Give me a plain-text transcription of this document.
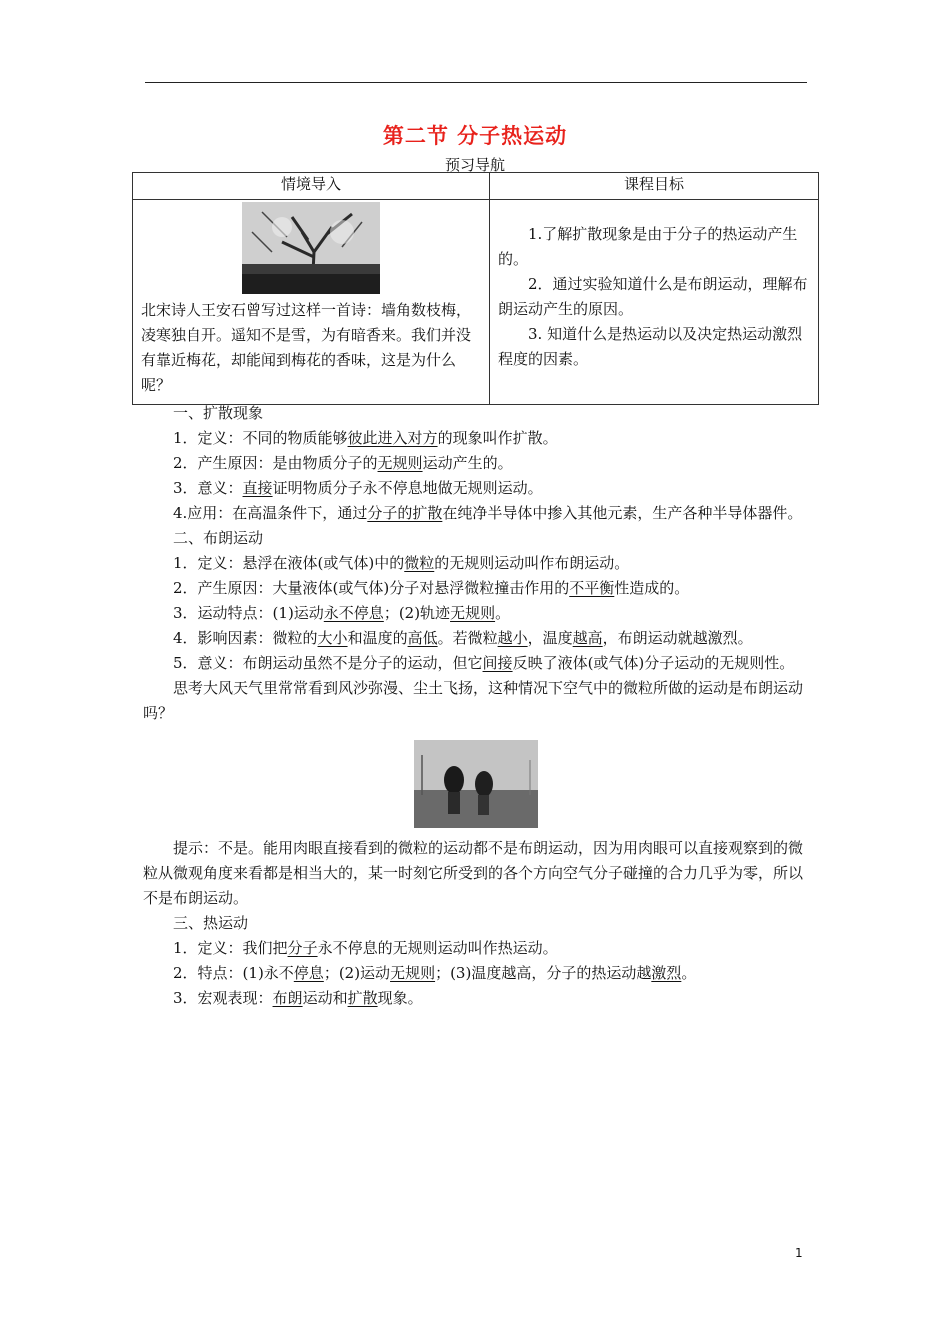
第二节 分子热运动
预习导航
情境导入	课程目标

北宋诗人王安石曾写过这样一首诗：墙角数枝梅，凌寒独自开。遥知不是雪，为有暗香来。我们并没有靠近梅花，却能闻到梅花的香味，这是为什么呢？	1.了解扩散现象是由于分子的热运动产生的。

2．通过实验知道什么是布朗运动，理解布朗运动产生的原因。

3. 知道什么是热运动以及决定热运动激烈程度的因素。

一、扩散现象

1．定义：不同的物质能够彼此进入对方的现象叫作扩散。

2．产生原因：是由物质分子的无规则运动产生的。

3．意义：直接证明物质分子永不停息地做无规则运动。

4.应用：在高温条件下，通过分子的扩散在纯净半导体中掺入其他元素，生产各种半导体器件。

二、布朗运动

1．定义：悬浮在液体(或气体)中的微粒的无规则运动叫作布朗运动。

2．产生原因：大量液体(或气体)分子对悬浮微粒撞击作用的不平衡性造成的。

3．运动特点：(1)运动永不停息；(2)轨迹无规则。

4．影响因素：微粒的大小和温度的高低。若微粒越小，温度越高，布朗运动就越激烈。

5．意义：布朗运动虽然不是分子的运动，但它间接反映了液体(或气体)分子运动的无规则性。

思考大风天气里常常看到风沙弥漫、尘土飞扬，这种情况下空气中的微粒所做的运动是布朗运动吗？

提示：不是。能用肉眼直接看到的微粒的运动都不是布朗运动，因为用肉眼可以直接观察到的微粒从微观角度来看都是相当大的，某一时刻它所受到的各个方向空气分子碰撞的合力几乎为零，所以不是布朗运动。

三、热运动

1．定义：我们把分子永不停息的无规则运动叫作热运动。

2．特点：(1)永不停息；(2)运动无规则；(3)温度越高，分子的热运动越激烈。

3．宏观表现：布朗运动和扩散现象。

1
